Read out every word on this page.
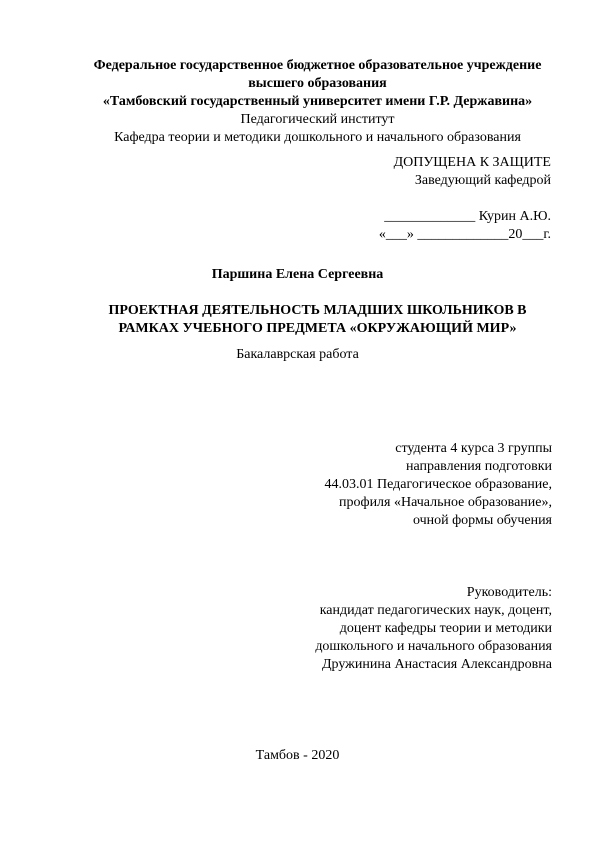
Федеральное государственное бюджетное образовательное учреждение
высшего образования
«Тамбовский государственный университет имени Г.Р. Державина»
Педагогический институт
Кафедра теории и методики дошкольного и начального образования
ДОПУЩЕНА К ЗАЩИТЕ
Заведующий кафедрой
_____________ Курин А.Ю.
«___» _____________20___г.
Паршина Елена Сергеевна
ПРОЕКТНАЯ ДЕЯТЕЛЬНОСТЬ МЛАДШИХ ШКОЛЬНИКОВ В
РАМКАХ УЧЕБНОГО ПРЕДМЕТА «ОКРУЖАЮЩИЙ МИР»
Бакалаврская работа
студента 4 курса 3 группы
направления подготовки
44.03.01 Педагогическое образование,
профиля «Начальное образование»,
очной формы обучения
Руководитель:
кандидат педагогических наук, доцент,
доцент кафедры теории и методики
дошкольного и начального образования
Дружинина Анастасия Александровна
Тамбов - 2020
